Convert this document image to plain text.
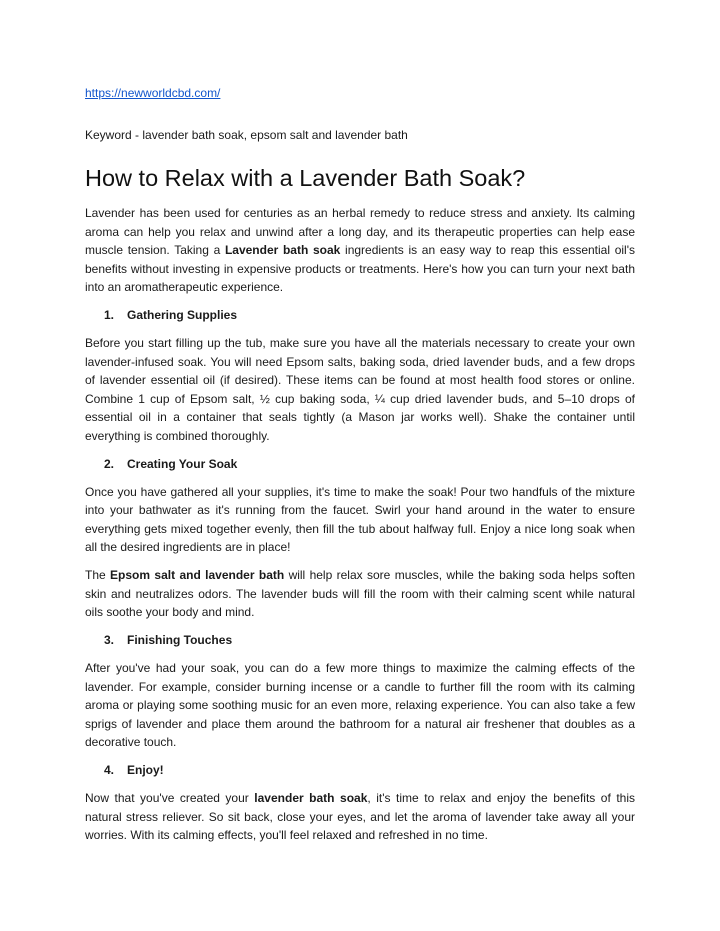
https://newworldcbd.com/
Keyword - lavender bath soak, epsom salt and lavender bath
How to Relax with a Lavender Bath Soak?

Lavender has been used for centuries as an herbal remedy to reduce stress and anxiety. Its calming aroma can help you relax and unwind after a long day, and its therapeutic properties can help ease muscle tension. Taking a Lavender bath soak ingredients is an easy way to reap this essential oil's benefits without investing in expensive products or treatments. Here's how you can turn your next bath into an aromatherapeutic experience.

1. Gathering Supplies

Before you start filling up the tub, make sure you have all the materials necessary to create your own lavender-infused soak. You will need Epsom salts, baking soda, dried lavender buds, and a few drops of lavender essential oil (if desired). These items can be found at most health food stores or online. Combine 1 cup of Epsom salt, ½ cup baking soda, ¼ cup dried lavender buds, and 5–10 drops of essential oil in a container that seals tightly (a Mason jar works well). Shake the container until everything is combined thoroughly.

2. Creating Your Soak

Once you have gathered all your supplies, it's time to make the soak! Pour two handfuls of the mixture into your bathwater as it's running from the faucet. Swirl your hand around in the water to ensure everything gets mixed together evenly, then fill the tub about halfway full. Enjoy a nice long soak when all the desired ingredients are in place!

The Epsom salt and lavender bath will help relax sore muscles, while the baking soda helps soften skin and neutralizes odors. The lavender buds will fill the room with their calming scent while natural oils soothe your body and mind.

3. Finishing Touches

After you've had your soak, you can do a few more things to maximize the calming effects of the lavender. For example, consider burning incense or a candle to further fill the room with its calming aroma or playing some soothing music for an even more, relaxing experience. You can also take a few sprigs of lavender and place them around the bathroom for a natural air freshener that doubles as a decorative touch.

4. Enjoy!

Now that you've created your lavender bath soak, it's time to relax and enjoy the benefits of this natural stress reliever. So sit back, close your eyes, and let the aroma of lavender take away all your worries. With its calming effects, you'll feel relaxed and refreshed in no time.
